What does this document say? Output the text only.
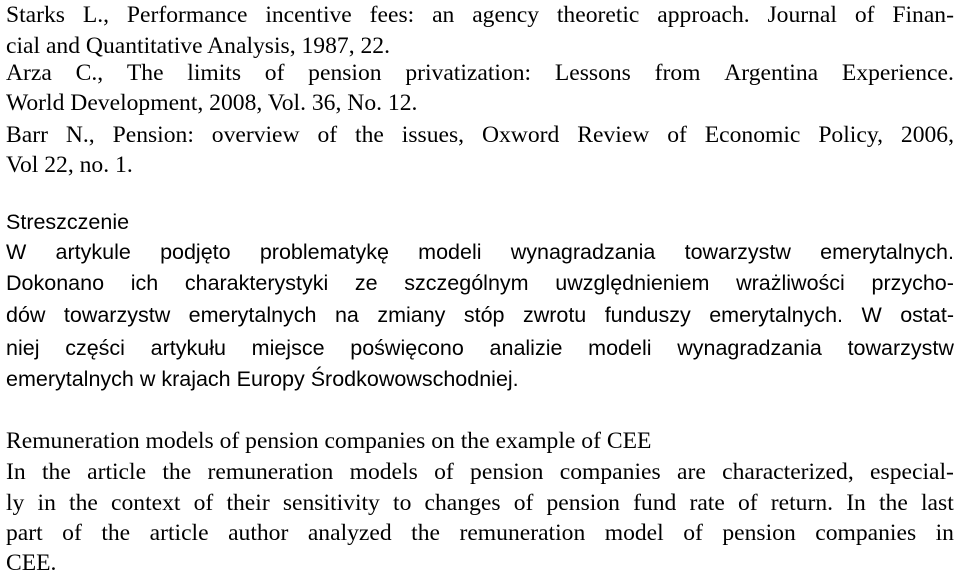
Starks L., Performance incentive fees: an agency theoretic approach. Journal of Finan-
cial and Quantitative Analysis, 1987, 22.
Arza C., The limits of pension privatization: Lessons from Argentina Experience.
World Development, 2008, Vol. 36, No. 12.
Barr N., Pension: overview of the issues, Oxword Review of Economic Policy, 2006,
Vol 22, no. 1.
Streszczenie
W artykule podjęto problematykę modeli wynagradzania towarzystw emerytalnych.
Dokonano ich charakterystyki ze szczególnym uwzględnieniem wrażliwości przycho-
dów towarzystw emerytalnych na zmiany stóp zwrotu funduszy emerytalnych. W ostat-
niej części artykułu miejsce poświęcono analizie modeli wynagradzania towarzystw
emerytalnych w krajach Europy Środkowowschodniej.
Remuneration models of pension companies on the example of CEE
In the article the remuneration models of pension companies are characterized, especial-
ly in the context of their sensitivity to changes of pension fund rate of return. In the last
part of the article author analyzed the remuneration model of pension companies in
CEE.
